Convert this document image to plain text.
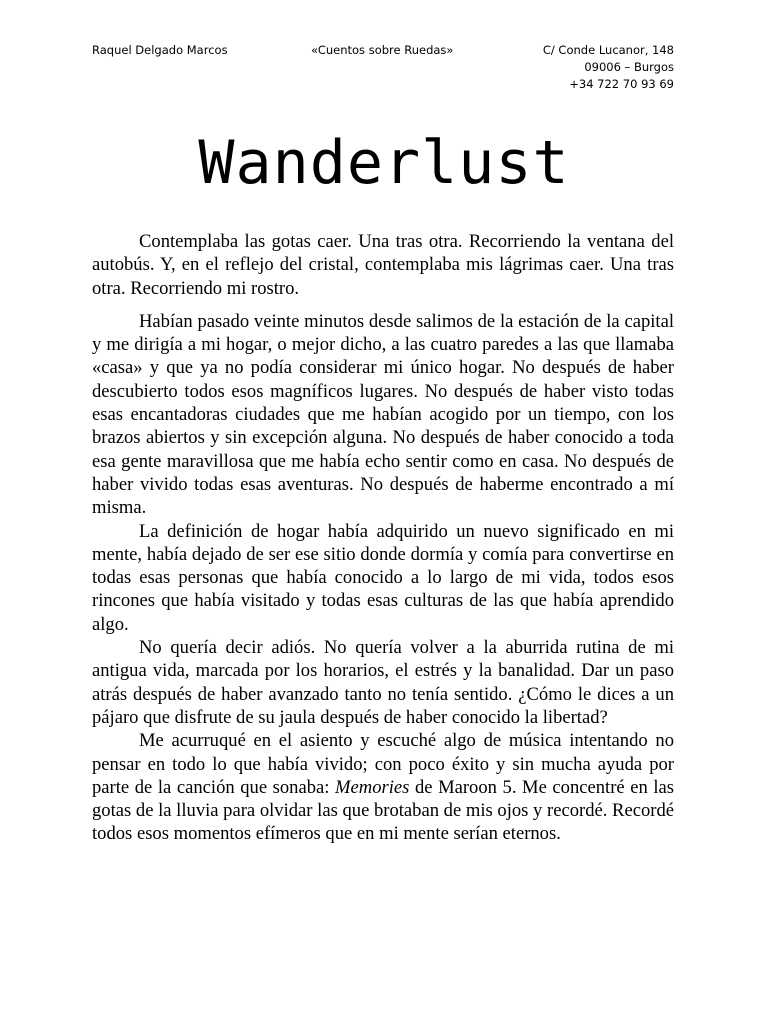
Raquel Delgado Marcos	«Cuentos sobre Ruedas»	C/ Conde Lucanor, 148
09006 – Burgos
+34 722 70 93 69
Wanderlust

Contemplaba las gotas caer. Una tras otra. Recorriendo la ventana del autobús. Y, en el reflejo del cristal, contemplaba mis lágrimas caer. Una tras otra. Recorriendo mi rostro.

Habían pasado veinte minutos desde salimos de la estación de la capital y me dirigía a mi hogar, o mejor dicho, a las cuatro paredes a las que llamaba «casa» y que ya no podía considerar mi único hogar. No después de haber descubierto todos esos magníficos lugares. No después de haber visto todas esas encantadoras ciudades que me habían acogido por un tiempo, con los brazos abiertos y sin excepción alguna. No después de haber conocido a toda esa gente maravillosa que me había echo sentir como en casa. No después de haber vivido todas esas aventuras. No después de haberme encontrado a mí misma.

La definición de hogar había adquirido un nuevo significado en mi mente, había dejado de ser ese sitio donde dormía y comía para convertirse en todas esas personas que había conocido a lo largo de mi vida, todos esos rincones que había visitado y todas esas culturas de las que había aprendido algo.

No quería decir adiós. No quería volver a la aburrida rutina de mi antigua vida, marcada por los horarios, el estrés y la banalidad. Dar un paso atrás después de haber avanzado tanto no tenía sentido. ¿Cómo le dices a un pájaro que disfrute de su jaula después de haber conocido la libertad?

Me acurruqué en el asiento y escuché algo de música intentando no pensar en todo lo que había vivido; con poco éxito y sin mucha ayuda por parte de la canción que sonaba: Memories de Maroon 5. Me concentré en las gotas de la lluvia para olvidar las que brotaban de mis ojos y recordé. Recordé todos esos momentos efímeros que en mi mente serían eternos.
